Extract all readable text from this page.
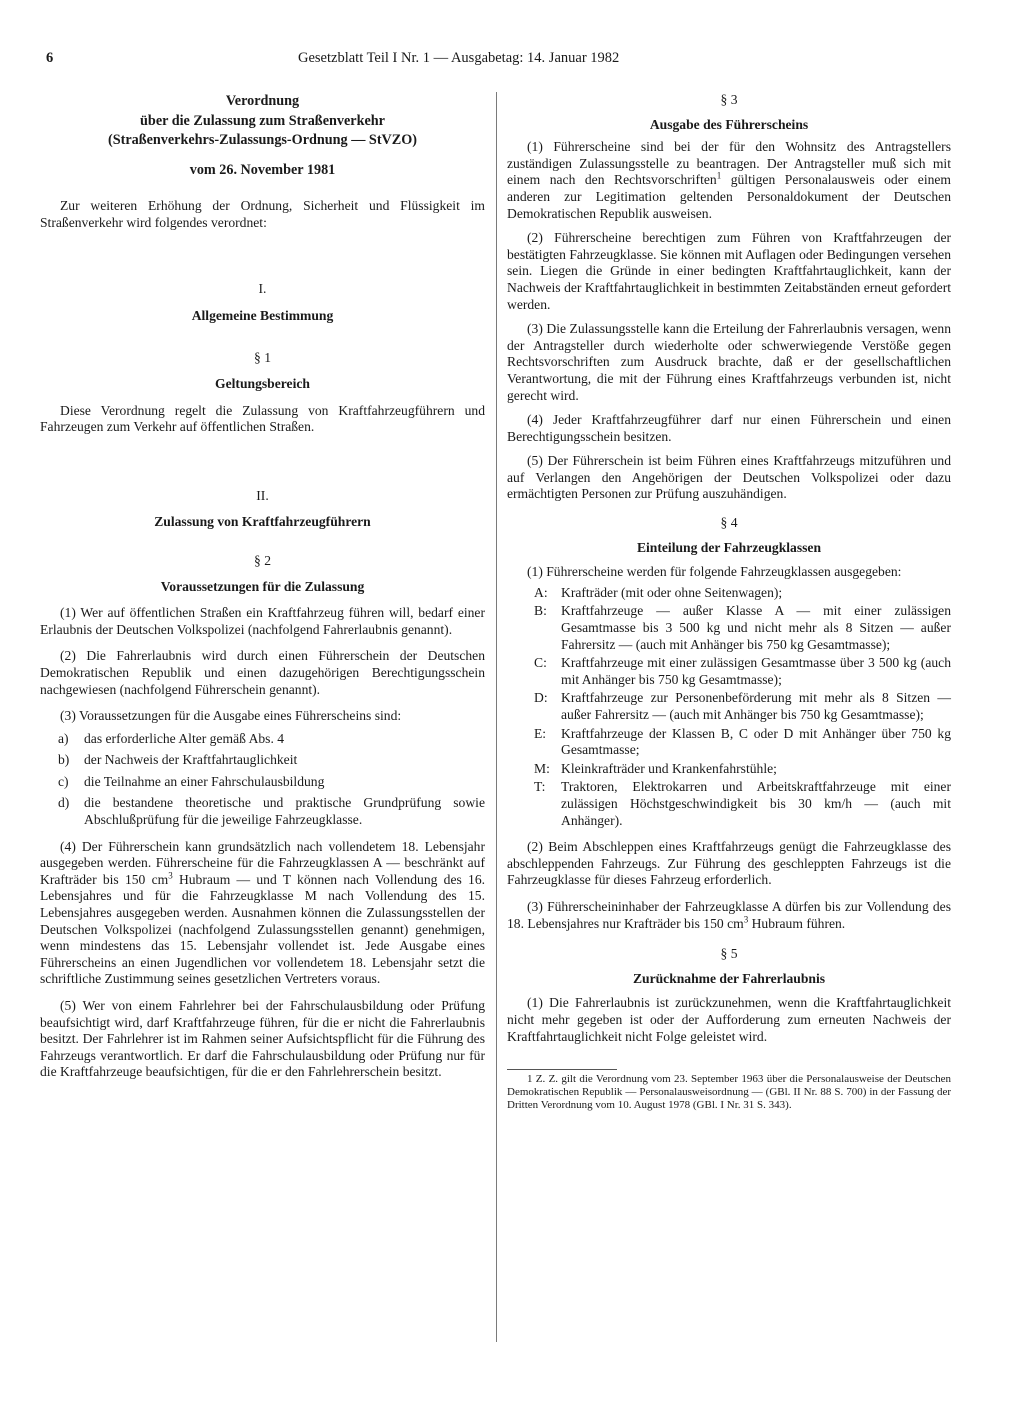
6	Gesetzblatt Teil I Nr. 1 — Ausgabetag: 14. Januar 1982
Verordnung
über die Zulassung zum Straßenverkehr
(Straßenverkehrs-Zulassungs-Ordnung — StVZO)
vom 26. November 1981

Zur weiteren Erhöhung der Ordnung, Sicherheit und Flüssigkeit im Straßenverkehr wird folgendes verordnet:

I.
Allgemeine Bestimmung
§ 1
Geltungsbereich

Diese Verordnung regelt die Zulassung von Kraftfahrzeugführern und Fahrzeugen zum Verkehr auf öffentlichen Straßen.

II.
Zulassung von Kraftfahrzeugführern
§ 2
Voraussetzungen für die Zulassung

(1) Wer auf öffentlichen Straßen ein Kraftfahrzeug führen will, bedarf einer Erlaubnis der Deutschen Volkspolizei (nachfolgend Fahrerlaubnis genannt).

(2) Die Fahrerlaubnis wird durch einen Führerschein der Deutschen Demokratischen Republik und einen dazugehörigen Berechtigungsschein nachgewiesen (nachfolgend Führerschein genannt).

(3) Voraussetzungen für die Ausgabe eines Führerscheins sind:

a) das erforderliche Alter gemäß Abs. 4
b) der Nachweis der Kraftfahrtauglichkeit
c) die Teilnahme an einer Fahrschulausbildung
d) die bestandene theoretische und praktische Grundprüfung sowie Abschlußprüfung für die jeweilige Fahrzeugklasse.

(4) Der Führerschein kann grundsätzlich nach vollendetem 18. Lebensjahr ausgegeben werden. Führerscheine für die Fahrzeugklassen A — beschränkt auf Krafträder bis 150 $cm^3$ Hubraum — und T können nach Vollendung des 16. Lebensjahres und für die Fahrzeugklasse M nach Vollendung des 15. Lebensjahres ausgegeben werden. Ausnahmen können die Zulassungsstellen der Deutschen Volkspolizei (nachfolgend Zulassungsstellen genannt) genehmigen, wenn mindestens das 15. Lebensjahr vollendet ist. Jede Ausgabe eines Führerscheins an einen Jugendlichen vor vollendetem 18. Lebensjahr setzt die schriftliche Zustimmung seines gesetzlichen Vertreters voraus.

(5) Wer von einem Fahrlehrer bei der Fahrschulausbildung oder Prüfung beaufsichtigt wird, darf Kraftfahrzeuge führen, für die er nicht die Fahrerlaubnis besitzt. Der Fahrlehrer ist im Rahmen seiner Aufsichtspflicht für die Führung des Fahrzeugs verantwortlich. Er darf die Fahrschulausbildung oder Prüfung nur für die Kraftfahrzeuge beaufsichtigen, für die er den Fahrlehrerschein besitzt.

§ 3
Ausgabe des Führerscheins

(1) Führerscheine sind bei der für den Wohnsitz des Antragstellers zuständigen Zulassungsstelle zu beantragen. Der Antragsteller muß sich mit einem nach den Rechtsvorschriften$^1$ gültigen Personalausweis oder einem anderen zur Legitimation geltenden Personaldokument der Deutschen Demokratischen Republik ausweisen.

(2) Führerscheine berechtigen zum Führen von Kraftfahrzeugen der bestätigten Fahrzeugklasse. Sie können mit Auflagen oder Bedingungen versehen sein. Liegen die Gründe in einer bedingten Kraftfahrtauglichkeit, kann der Nachweis der Kraftfahrtauglichkeit in bestimmten Zeitabständen erneut gefordert werden.

(3) Die Zulassungsstelle kann die Erteilung der Fahrerlaubnis versagen, wenn der Antragsteller durch wiederholte oder schwerwiegende Verstöße gegen Rechtsvorschriften zum Ausdruck brachte, daß er der gesellschaftlichen Verantwortung, die mit der Führung eines Kraftfahrzeugs verbunden ist, nicht gerecht wird.

(4) Jeder Kraftfahrzeugführer darf nur einen Führerschein und einen Berechtigungsschein besitzen.

(5) Der Führerschein ist beim Führen eines Kraftfahrzeugs mitzuführen und auf Verlangen den Angehörigen der Deutschen Volkspolizei oder dazu ermächtigten Personen zur Prüfung auszuhändigen.

§ 4
Einteilung der Fahrzeugklassen

(1) Führerscheine werden für folgende Fahrzeugklassen ausgegeben:

A: Krafträder (mit oder ohne Seitenwagen);
B: Kraftfahrzeuge — außer Klasse A — mit einer zulässigen Gesamtmasse bis 3 500 kg und nicht mehr als 8 Sitzen — außer Fahrersitz — (auch mit Anhänger bis 750 kg Gesamtmasse);
C: Kraftfahrzeuge mit einer zulässigen Gesamtmasse über 3 500 kg (auch mit Anhänger bis 750 kg Gesamtmasse);
D: Kraftfahrzeuge zur Personenbeförderung mit mehr als 8 Sitzen — außer Fahrersitz — (auch mit Anhänger bis 750 kg Gesamtmasse);
E: Kraftfahrzeuge der Klassen B, C oder D mit Anhänger über 750 kg Gesamtmasse;
M: Kleinkrafträder und Krankenfahrstühle;
T: Traktoren, Elektrokarren und Arbeitskraftfahrzeuge mit einer zulässigen Höchstgeschwindigkeit bis 30 km/h — (auch mit Anhänger).

(2) Beim Abschleppen eines Kraftfahrzeugs genügt die Fahrzeugklasse des abschleppenden Fahrzeugs. Zur Führung des geschleppten Fahrzeugs ist die Fahrzeugklasse für dieses Fahrzeug erforderlich.

(3) Führerscheininhaber der Fahrzeugklasse A dürfen bis zur Vollendung des 18. Lebensjahres nur Krafträder bis 150 $cm^3$ Hubraum führen.

§ 5
Zurücknahme der Fahrerlaubnis

(1) Die Fahrerlaubnis ist zurückzunehmen, wenn die Kraftfahrtauglichkeit nicht mehr gegeben ist oder der Aufforderung zum erneuten Nachweis der Kraftfahrtauglichkeit nicht Folge geleistet wird.

1 Z. Z. gilt die Verordnung vom 23. September 1963 über die Personalausweise der Deutschen Demokratischen Republik — Personalausweisordnung — (GBl. II Nr. 88 S. 700) in der Fassung der Dritten Verordnung vom 10. August 1978 (GBl. I Nr. 31 S. 343).
